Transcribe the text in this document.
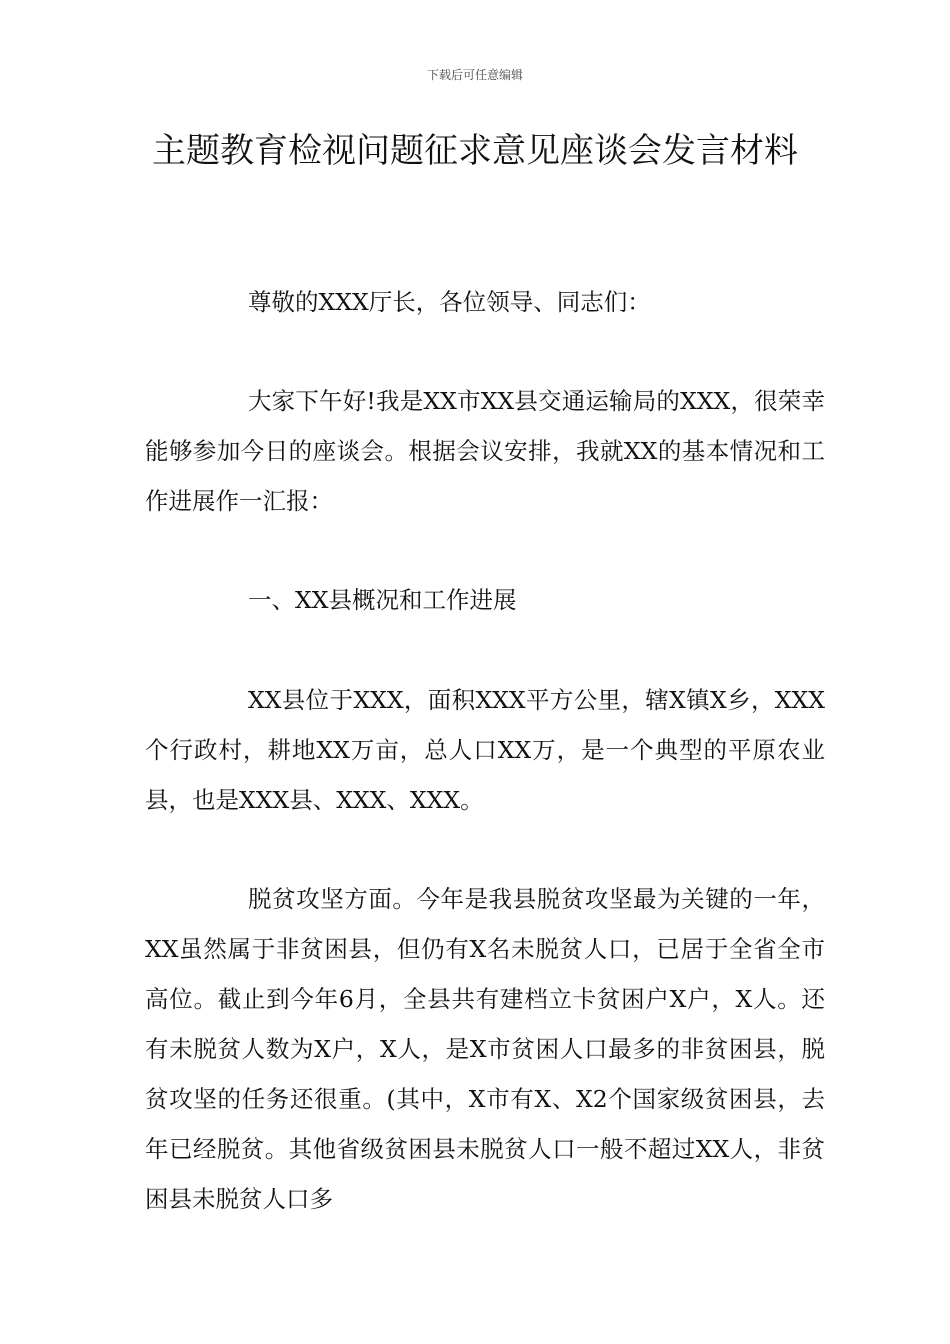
下载后可任意编辑
主题教育检视问题征求意见座谈会发言材料

尊敬的XXX厅长，各位领导、同志们：

大家下午好!我是XX市XX县交通运输局的XXX，很荣幸能够参加今日的座谈会。根据会议安排，我就XX的基本情况和工作进展作一汇报：

一、XX县概况和工作进展

XX县位于XXX，面积XXX平方公里，辖X镇X乡，XXX个行政村，耕地XX万亩，总人口XX万，是一个典型的平原农业县，也是XXX县、XXX、XXX。

脱贫攻坚方面。今年是我县脱贫攻坚最为关键的一年，XX虽然属于非贫困县，但仍有X名未脱贫人口，已居于全省全市高位。截止到今年6月，全县共有建档立卡贫困户X户，X人。还有未脱贫人数为X户，X人，是X市贫困人口最多的非贫困县，脱贫攻坚的任务还很重。(其中，X市有X、X2个国家级贫困县，去年已经脱贫。其他省级贫困县未脱贫人口一般不超过XX人，非贫困县未脱贫人口多
